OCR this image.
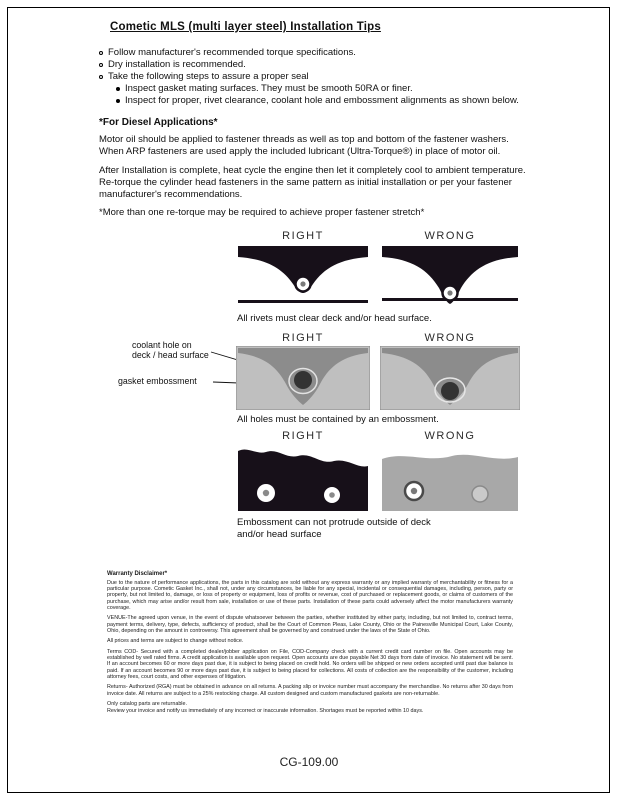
Cometic MLS (multi layer steel) Installation Tips
Follow manufacturer's recommended torque specifications.
Dry installation is recommended.
Take the following steps to assure a proper seal
Inspect gasket mating surfaces. They must be smooth 50RA or finer.
Inspect for proper, rivet clearance, coolant hole and embossment alignments as shown below.
*For Diesel Applications*
Motor oil should be applied to fastener threads as well as top and bottom of the fastener washers. When ARP fasteners are used apply the included lubricant (Ultra-Torque®) in place of motor oil.
After Installation is complete, heat cycle the engine then let it completely cool to ambient temperature. Re-torque the cylinder head fasteners in the same pattern as initial installation or per your fastener manufacturer's recommendations.
*More than one re-torque may be required to achieve proper fastener stretch*
RIGHT	WRONG
All rivets must clear deck and/or head surface.
RIGHT	WRONG
coolant hole on
deck / head surface
gasket embossment
All holes must be contained by an embossment.
RIGHT	WRONG
Embossment can not protrude outside of deck and/or head surface
Warranty Disclaimer*

Due to the nature of performance applications, the parts in this catalog are sold without any express warranty or any implied warranty of merchantability or fitness for a particular purpose. Cometic Gasket Inc., shall not, under any circumstances, be liable for any special, incidental or consequential damages, including, person, party or property, but not limited to, damage, or loss of property or equipment, loss of profits or revenue, cost of purchased or replacement goods, or claims of customers of the purchase, which may arise and/or result from sale, installation or use of these parts. Installation of these parts could adversely affect the motor manufacturers warranty coverage.

VENUE-The agreed upon venue, in the event of dispute whatsoever between the parties, whether instituted by either party, including, but not limited to, contract terms, payment terms, delivery, type, defects, sufficiency of product, shall be the Court of Common Pleas, Lake County, Ohio or the Painesville Municipal Court, Lake County, Ohio, depending on the amount in controversy. This agreement shall be governed by and construed under the laws of the State of Ohio.

All prices and terms are subject to change without notice.

Terms COD- Secured with a completed dealer/jobber application on File, COD-Company check with a current credit card number on file. Open accounts may be established by well rated firms. A credit application is available upon request. Open accounts are due payable Net 30 days from date of invoice. No statement will be sent. If an account becomes 60 or more days past due, it is subject to being placed on credit hold. No orders will be shipped or new orders accepted until past due balance is paid. If an account becomes 90 or more days past due, it is subject to being placed for collections. All costs of collection are the responsibility of the customer, including attorney fees, court costs, and other expenses of litigation.

Returns- Authorized (RGA) must be obtained in advance on all returns. A packing slip or invoice number must accompany the merchandise. No returns after 30 days from invoice date. All returns are subject to a 25% restocking charge. All custom designed and custom manufactured gaskets are non-returnable.

Only catalog parts are returnable.

Review your invoice and notify us immediately of any incorrect or inaccurate information. Shortages must be reported within 10 days.

CG-109.00
